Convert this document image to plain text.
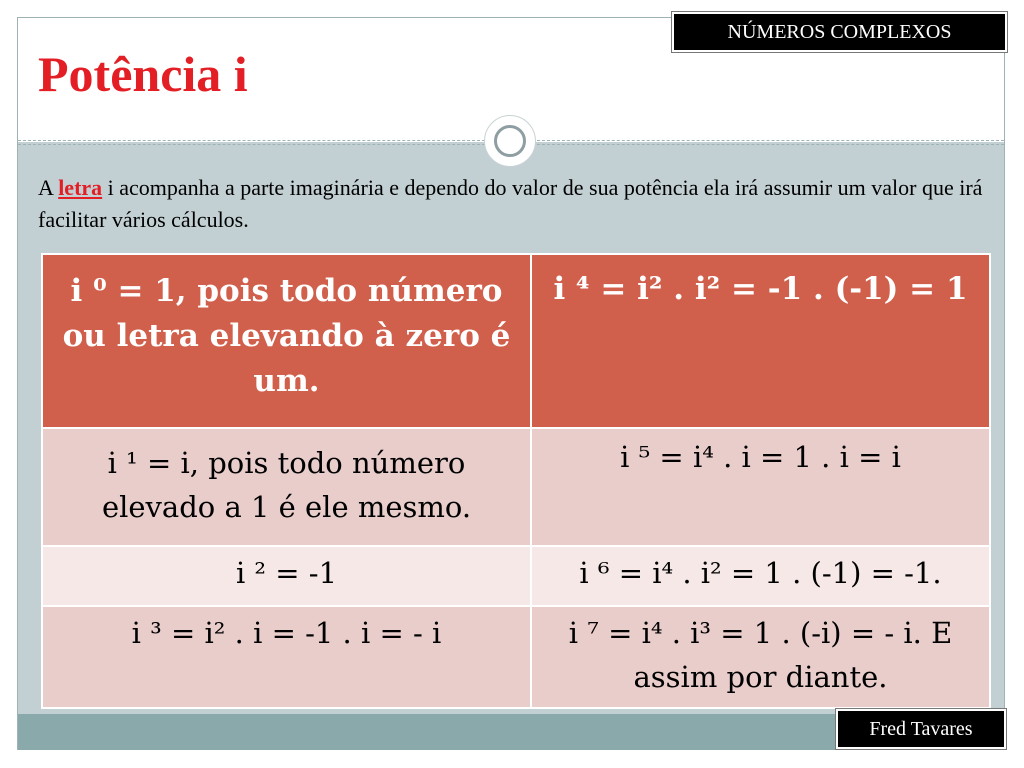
NÚMEROS COMPLEXOS
Potência i
A letra i acompanha a parte imaginária e dependo do valor de sua potência ela irá assumir um valor que irá facilitar vários cálculos.
i ⁰ = 1, pois todo número ou letra elevando à zero é um.	i ⁴ = i² . i² = -1 . (-1) = 1
i ¹ = i, pois todo número elevado a 1 é ele mesmo.	i ⁵ = i⁴ . i = 1 . i = i
i ² = -1	i ⁶ = i⁴ . i² = 1 . (-1) = -1.
i ³ = i² . i = -1 . i = - i	i ⁷ = i⁴ . i³ = 1 . (-i) = - i. E assim por diante.
Fred Tavares
